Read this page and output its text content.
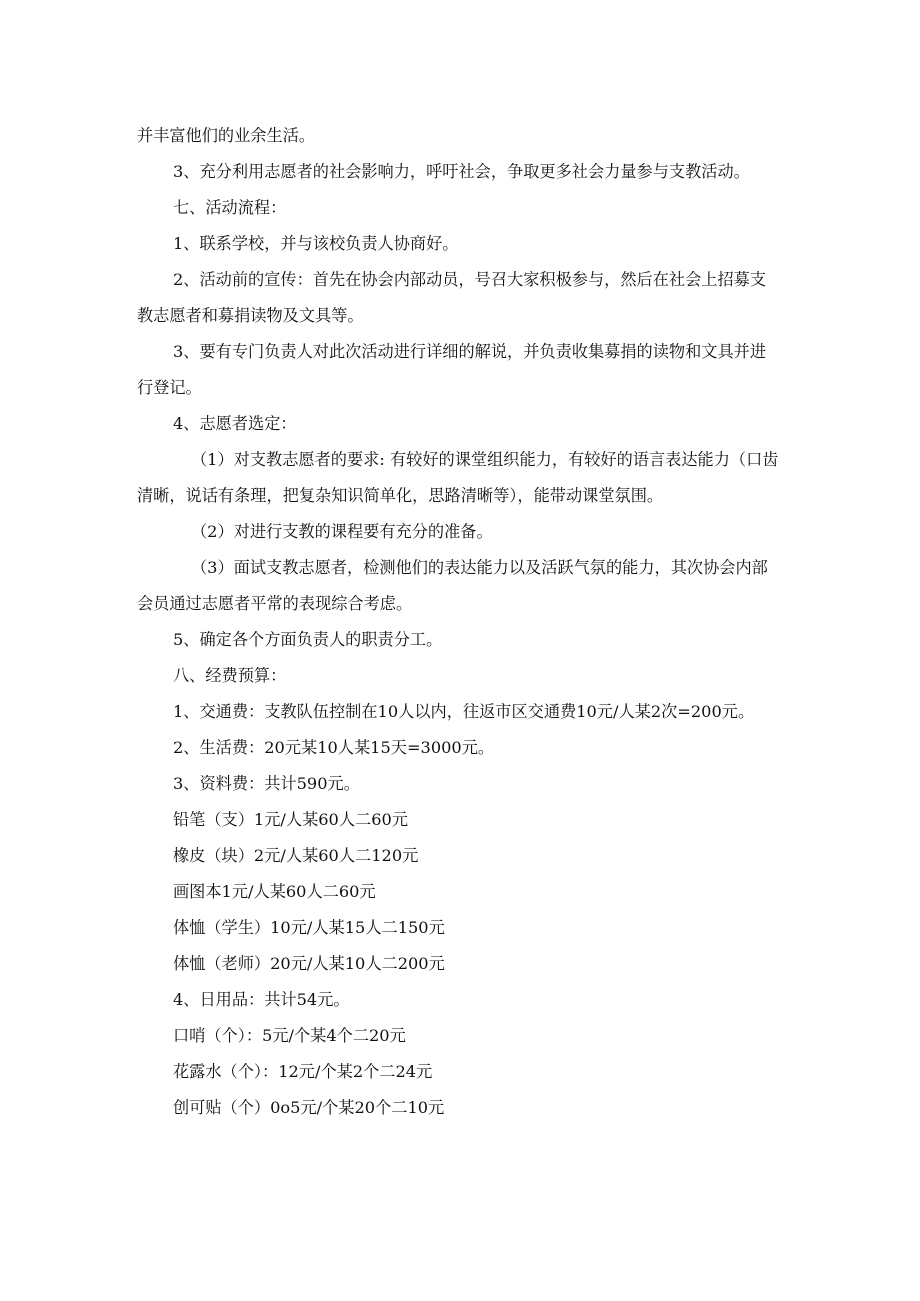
并丰富他们的业余生活。

3、充分利用志愿者的社会影响力，呼吁社会，争取更多社会力量参与支教活动。

七、活动流程：

1、联系学校，并与该校负责人协商好。

2、活动前的宣传：首先在协会内部动员，号召大家积极参与，然后在社会上招募支教志愿者和募捐读物及文具等。

3、要有专门负责人对此次活动进行详细的解说，并负责收集募捐的读物和文具并进行登记。

4、志愿者选定：

（1）对支教志愿者的要求: 有较好的课堂组织能力，有较好的语言表达能力（口齿清晰，说话有条理，把复杂知识简单化，思路清晰等），能带动课堂氛围。

（2）对进行支教的课程要有充分的准备。

（3）面试支教志愿者，检测他们的表达能力以及活跃气氛的能力，其次协会内部会员通过志愿者平常的表现综合考虑。

5、确定各个方面负责人的职责分工。

八、经费预算：

1、交通费：支教队伍控制在10人以内，往返市区交通费10元/人某2次=200元。

2、生活费：20元某10人某15天=3000元。

3、资料费：共计590元。

铅笔（支）1元/人某60人二60元

橡皮（块）2元/人某60人二120元

画图本1元/人某60人二60元

体恤（学生）10元/人某15人二150元

体恤（老师）20元/人某10人二200元

4、日用品：共计54元。

口哨（个）：5元/个某4个二20元

花露水（个）：12元/个某2个二24元

创可贴（个）0o5元/个某20个二10元
